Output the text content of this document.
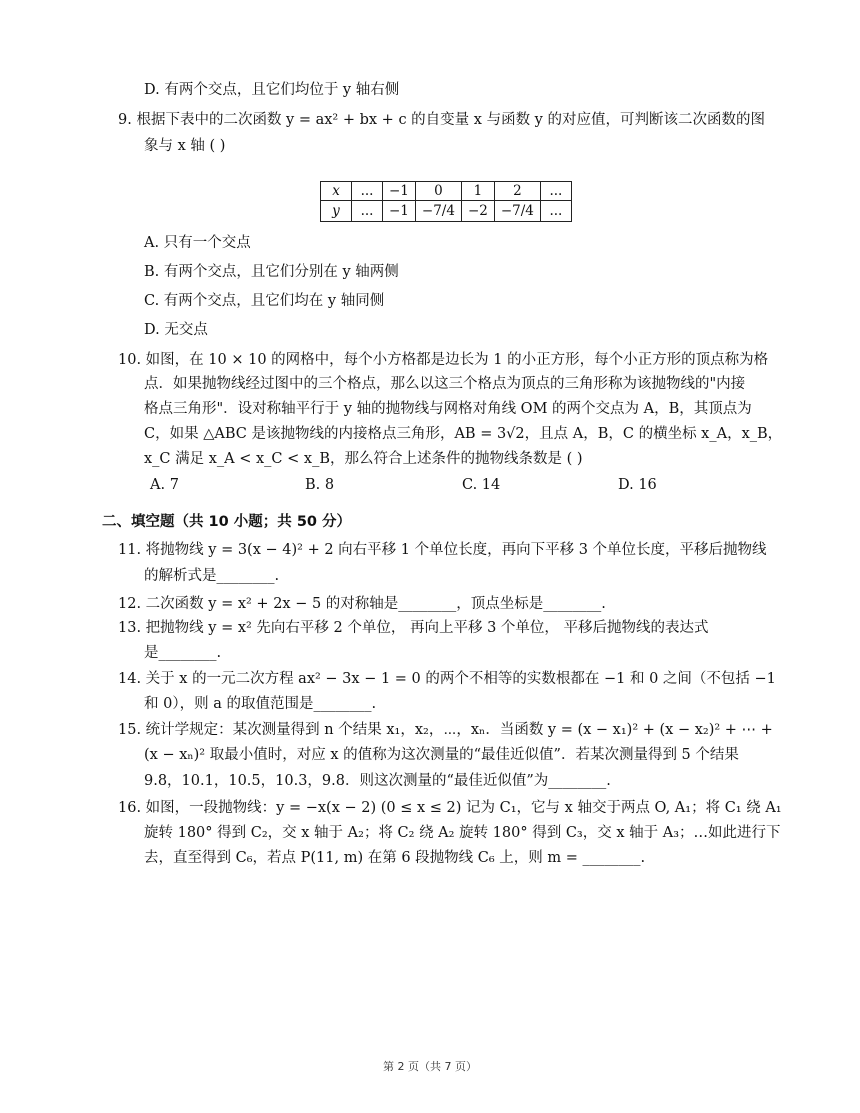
D. 有两个交点，且它们均位于 y 轴右侧
9. 根据下表中的二次函数 y = ax² + bx + c 的自变量 x 与函数 y 的对应值，可判断该二次函数的图
象与 x 轴 ( )
x	...	−1	0	1	2	...
y	...	−1	−7/4	−2	−7/4	...
A. 只有一个交点
B. 有两个交点，且它们分别在 y 轴两侧
C. 有两个交点，且它们均在 y 轴同侧
D. 无交点
10. 如图，在 10 × 10 的网格中，每个小方格都是边长为 1 的小正方形，每个小正方形的顶点称为格
点．如果抛物线经过图中的三个格点，那么以这三个格点为顶点的三角形称为该抛物线的"内接
格点三角形"．设对称轴平行于 y 轴的抛物线与网格对角线 OM 的两个交点为 A，B，其顶点为
C，如果 △ABC 是该抛物线的内接格点三角形，AB = 3√2，且点 A，B，C 的横坐标 x_A，x_B，
x_C 满足 x_A < x_C < x_B，那么符合上述条件的抛物线条数是 ( )
A. 7	B. 8	C. 14	D. 16
二、填空题（共 10 小题；共 50 分）
11. 将抛物线 y = 3(x − 4)² + 2 向右平移 1 个单位长度，再向下平移 3 个单位长度，平移后抛物线
的解析式是________.
12. 二次函数 y = x² + 2x − 5 的对称轴是________，顶点坐标是________.
13. 把抛物线 y = x² 先向右平移 2 个单位， 再向上平移 3 个单位， 平移后抛物线的表达式
是________.
14. 关于 x 的一元二次方程 ax² − 3x − 1 = 0 的两个不相等的实数根都在 −1 和 0 之间（不包括 −1
和 0），则 a 的取值范围是________.
15. 统计学规定：某次测量得到 n 个结果 x₁，x₂，⋯，xₙ．当函数 y = (x − x₁)² + (x − x₂)² + ⋯ +
(x − xₙ)² 取最小值时，对应 x 的值称为这次测量的“最佳近似值”．若某次测量得到 5 个结果
9.8，10.1，10.5，10.3，9.8．则这次测量的“最佳近似值”为________.
16. 如图，一段抛物线：y = −x(x − 2) (0 ≤ x ≤ 2) 记为 C₁，它与 x 轴交于两点 O, A₁；将 C₁ 绕 A₁
旋转 180° 得到 C₂，交 x 轴于 A₂；将 C₂ 绕 A₂ 旋转 180° 得到 C₃，交 x 轴于 A₃；…如此进行下
去，直至得到 C₆，若点 P(11, m) 在第 6 段抛物线 C₆ 上，则 m = ________.
第 2 页（共 7 页）
